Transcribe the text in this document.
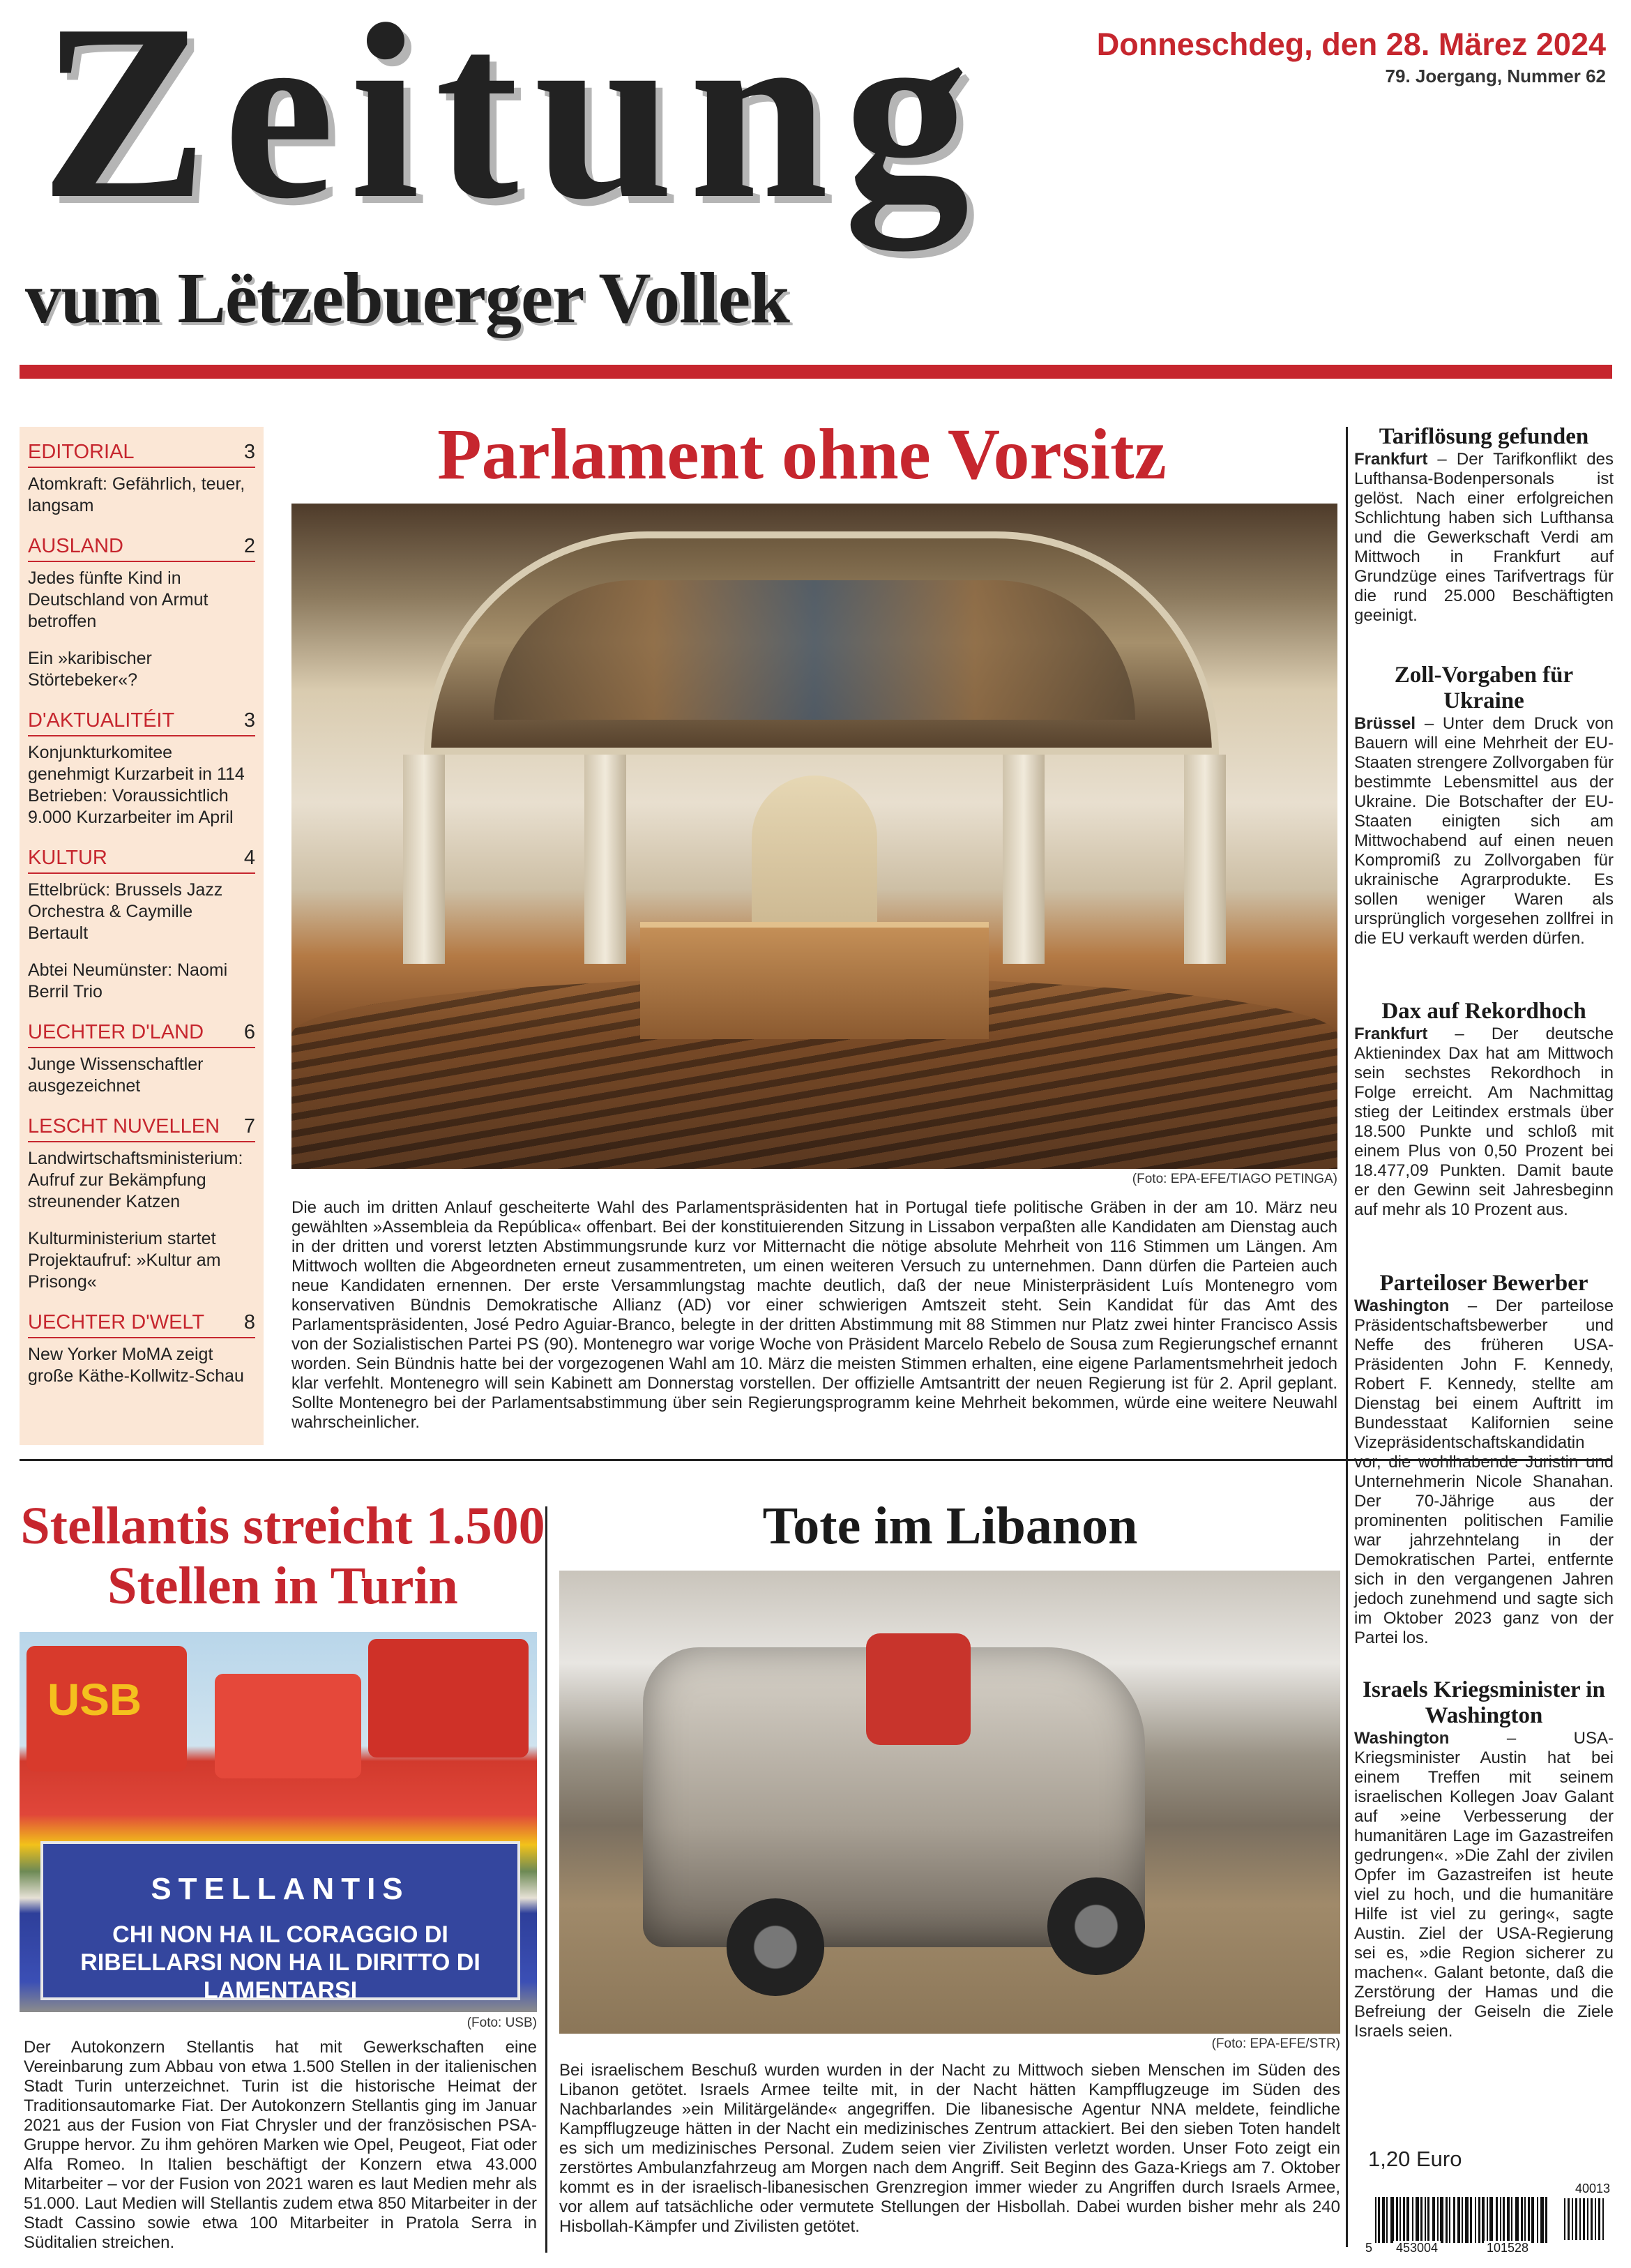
Zeitung
vum Lëtzebuerger Vollek
Donneschdeg, den 28. Märez 2024
79. Joergang, Nummer 62
EDITORIAL	3
Atomkraft: Gefährlich, teuer, langsam
AUSLAND	2
Jedes fünfte Kind in Deutschland von Armut betroffen
Ein »karibischer Störtebeker«?
D'AKTUALITÉIT	3
Konjunkturkomitee genehmigt Kurzarbeit in 114 Betrieben: Voraussichtlich 9.000 Kurzarbeiter im April
KULTUR	4
Ettelbrück: Brussels Jazz Orchestra & Caymille Bertault
Abtei Neumünster: Naomi Berril Trio
UECHTER D'LAND 6
Junge Wissenschaftler ausgezeichnet
LESCHT NUVELLEN 7
Landwirtschaftsministerium: Aufruf zur Bekämpfung streunender Katzen
Kulturministerium startet Projektaufruf: »Kultur am Prisong«
UECHTER D'WELT 8
New Yorker MoMA zeigt große Käthe-Kollwitz-Schau
Parlament ohne Vorsitz
(Foto: EPA-EFE/TIAGO PETINGA)
Die auch im dritten Anlauf gescheiterte Wahl des Parlamentspräsidenten hat in Portugal tiefe politische Gräben in der am 10. März neu gewählten »Assembleia da República« offenbart. Bei der konstituierenden Sitzung in Lissabon verpaßten alle Kandidaten am Dienstag auch in der dritten und vorerst letzten Abstimmungsrunde kurz vor Mitternacht die nötige absolute Mehrheit von 116 Stimmen um Längen. Am Mittwoch wollten die Abgeordneten erneut zusammentreten, um einen weiteren Versuch zu unternehmen. Dann dürfen die Parteien auch neue Kandidaten ernennen. Der erste Versammlungstag machte deutlich, daß der neue Ministerpräsident Luís Montenegro vom konservativen Bündnis Demokratische Allianz (AD) vor einer schwierigen Amtszeit steht. Sein Kandidat für das Amt des Parlamentspräsidenten, José Pedro Aguiar-Branco, belegte in der dritten Abstimmung mit 88 Stimmen nur Platz zwei hinter Francisco Assis von der Sozialistischen Partei PS (90). Montenegro war vorige Woche von Präsident Marcelo Rebelo de Sousa zum Regierungschef ernannt worden. Sein Bündnis hatte bei der vorgezogenen Wahl am 10. März die meisten Stimmen erhalten, eine eigene Parlamentsmehrheit jedoch klar verfehlt. Montenegro will sein Kabinett am Donnerstag vorstellen. Der offizielle Amtsantritt der neuen Regierung ist für 2. April geplant. Sollte Montenegro bei der Parlamentsabstimmung über sein Regierungsprogramm keine Mehrheit bekommen, würde eine weitere Neuwahl wahrscheinlicher.
Stellantis streicht 1.500 Stellen in Turin
USB
STELLANTIS
CHI NON HA IL CORAGGIO DI RIBELLARSI NON HA IL DIRITTO DI LAMENTARSI
(Foto: USB)
Der Autokonzern Stellantis hat mit Gewerkschaften eine Vereinbarung zum Abbau von etwa 1.500 Stellen in der italienischen Stadt Turin unterzeichnet. Turin ist die historische Heimat der Traditionsautomarke Fiat. Der Autokonzern Stellantis ging im Januar 2021 aus der Fusion von Fiat Chrysler und der französischen PSA-Gruppe hervor. Zu ihm gehören Marken wie Opel, Peugeot, Fiat oder Alfa Romeo. In Italien beschäftigt der Konzern etwa 43.000 Mitarbeiter – vor der Fusion von 2021 waren es laut Medien mehr als 51.000. Laut Medien will Stellantis zudem etwa 850 Mitarbeiter in der Stadt Cassino sowie etwa 100 Mitarbeiter in Pratola Serra in Süditalien streichen.
Tote im Libanon
(Foto: EPA-EFE/STR)
Bei israelischem Beschuß wurden wurden in der Nacht zu Mittwoch sieben Menschen im Süden des Libanon getötet. Israels Armee teilte mit, in der Nacht hätten Kampfflugzeuge im Süden des Nachbarlandes »ein Militärgelände« angegriffen. Die libanesische Agentur NNA meldete, feindliche Kampfflugzeuge hätten in der Nacht ein medizinisches Zentrum attackiert. Bei den sieben Toten handelt es sich um medizinisches Personal. Zudem seien vier Zivilisten verletzt worden. Unser Foto zeigt ein zerstörtes Ambulanzfahrzeug am Morgen nach dem Angriff. Seit Beginn des Gaza-Kriegs am 7. Oktober kommt es in der israelisch-libanesischen Grenzregion immer wieder zu Angriffen durch Israels Armee, vor allem auf tatsächliche oder vermutete Stellungen der Hisbollah. Dabei wurden bisher mehr als 240 Hisbollah-Kämpfer und Zivilisten getötet.
Tariflösung gefunden
Frankfurt – Der Tarifkonflikt des Lufthansa-Bodenpersonals ist gelöst. Nach einer erfolgreichen Schlichtung haben sich Lufthansa und die Gewerkschaft Verdi am Mittwoch in Frankfurt auf Grundzüge eines Tarifvertrags für die rund 25.000 Beschäftigten geeinigt.
Zoll-Vorgaben für Ukraine
Brüssel – Unter dem Druck von Bauern will eine Mehrheit der EU-Staaten strengere Zollvorgaben für bestimmte Lebensmittel aus der Ukraine. Die Botschafter der EU-Staaten einigten sich am Mittwochabend auf einen neuen Kompromiß zu Zollvorgaben für ukrainische Agrarprodukte. Es sollen weniger Waren als ursprünglich vorgesehen zollfrei in die EU verkauft werden dürfen.
Dax auf Rekordhoch
Frankfurt – Der deutsche Aktienindex Dax hat am Mittwoch sein sechstes Rekordhoch in Folge erreicht. Am Nachmittag stieg der Leitindex erstmals über 18.500 Punkte und schloß mit einem Plus von 0,50 Prozent bei 18.477,09 Punkten. Damit baute er den Gewinn seit Jahresbeginn auf mehr als 10 Prozent aus.
Parteiloser Bewerber
Washington – Der parteilose Präsidentschaftsbewerber und Neffe des früheren USA-Präsidenten John F. Kennedy, Robert F. Kennedy, stellte am Dienstag bei einem Auftritt im Bundesstaat Kalifornien seine Vizepräsidentschaftskandidatin vor, die wohlhabende Juristin und Unternehmerin Nicole Shanahan. Der 70-Jährige aus der prominenten politischen Familie war jahrzehntelang in der Demokratischen Partei, entfernte sich in den vergangenen Jahren jedoch zunehmend und sagte sich im Oktober 2023 ganz von der Partei los.
Israels Kriegsminister in Washington
Washington – USA-Kriegsminister Austin hat bei einem Treffen mit seinem israelischen Kollegen Joav Galant auf »eine Verbesserung der humanitären Lage im Gazastreifen gedrungen«. »Die Zahl der zivilen Opfer im Gazastreifen ist heute viel zu hoch, und die humanitäre Hilfe ist viel zu gering«, sagte Austin. Ziel der USA-Regierung sei es, »die Region sicherer zu machen«. Galant betonte, daß die Zerstörung der Hamas und die Befreiung der Geiseln die Ziele Israels seien.
1,20 Euro
40013
5 453004	101528
